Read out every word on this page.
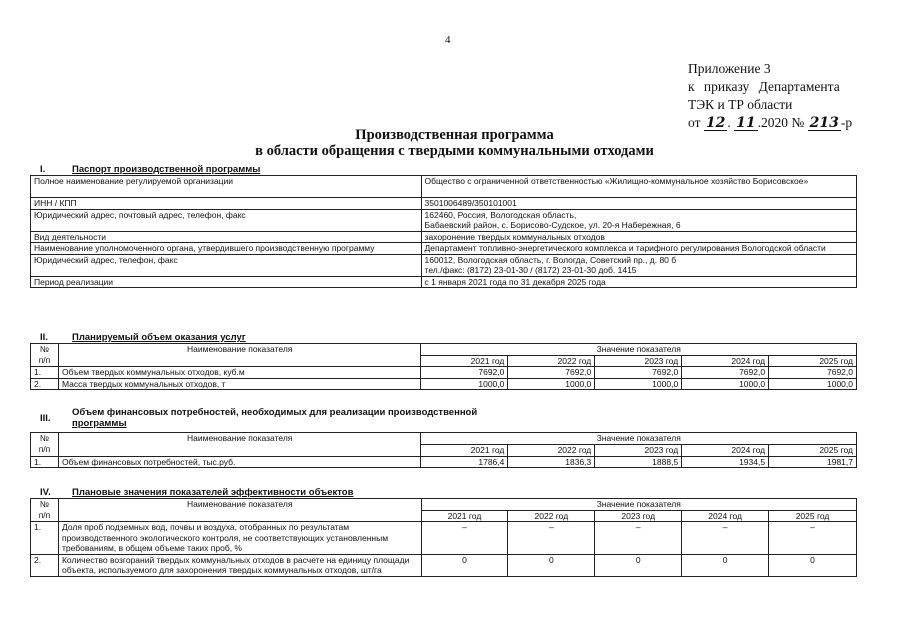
4
Приложение 3
к приказу Департамента
ТЭК и ТР области
от 12 . 11 .2020 № 213 -р
Производственная программа
в области обращения с твердыми коммунальными отходами
I.	Паспорт производственной программы
Полное наименование регулируемой организации	Общество с ограниченной ответственностью «Жилищно-коммунальное хозяйство Борисовское»
ИНН / КПП	3501006489/350101001
Юридический адрес, почтовый адрес, телефон, факс	162460, Россия, Вологодская область,
Бабаевский район, с. Борисово-Судское, ул. 20-я Набережная, 6

Вид деятельности	захоронение твердых коммунальных отходов
Наименование уполномоченного органа, утвердившего производственную программу	Департамент топливно-энергетического комплекса и тарифного регулирования Вологодской области
Юридический адрес, телефон, факс	160012, Вологодская область, г. Вологда, Советский пр., д. 80 б
тел./факс: (8172) 23-01-30 / (8172) 23-01-30 доб. 1415

Период реализации	с 1 января 2021 года по 31 декабря 2025 года
II.	Планируемый объем оказания услуг
№
п/п	Наименование показателя	Значение показателя				
		2021 год	2022 год	2023 год	2024 год	2025 год
1.	Объем твердых коммунальных отходов, куб.м	7692,0	7692,0	7692,0	7692,0	7692,0
2.	Масса твердых коммунальных отходов, т	1000,0	1000,0	1000,0	1000,0	1000,0
III.
Объем финансовых потребностей, необходимых для реализации производственной
программы
№
п/п	Наименование показателя	Значение показателя				
		2021 год	2022 год	2023 год	2024 год	2025 год
1.	Объем финансовых потребностей, тыс.руб.	1786,4	1836,3	1888,5	1934,5	1981,7
IV. Плановые значения показателей эффективности объектов
№
п/п	Наименование показателя	Значение показателя				
		2021 год	2022 год	2023 год	2024 год	2025 год
1.	Доля проб подземных вод, почвы и воздуха, отобранных по результатам производственного экологического контроля, не соответствующих установленным требованиям, в общем объеме таких проб, %	–	–	–	–	–
2.	Количество возгораний твердых коммунальных отходов в расчете на единицу площади объекта, используемого для захоронения твердых коммунальных отходов, шт/га	0	0	0	0	0
